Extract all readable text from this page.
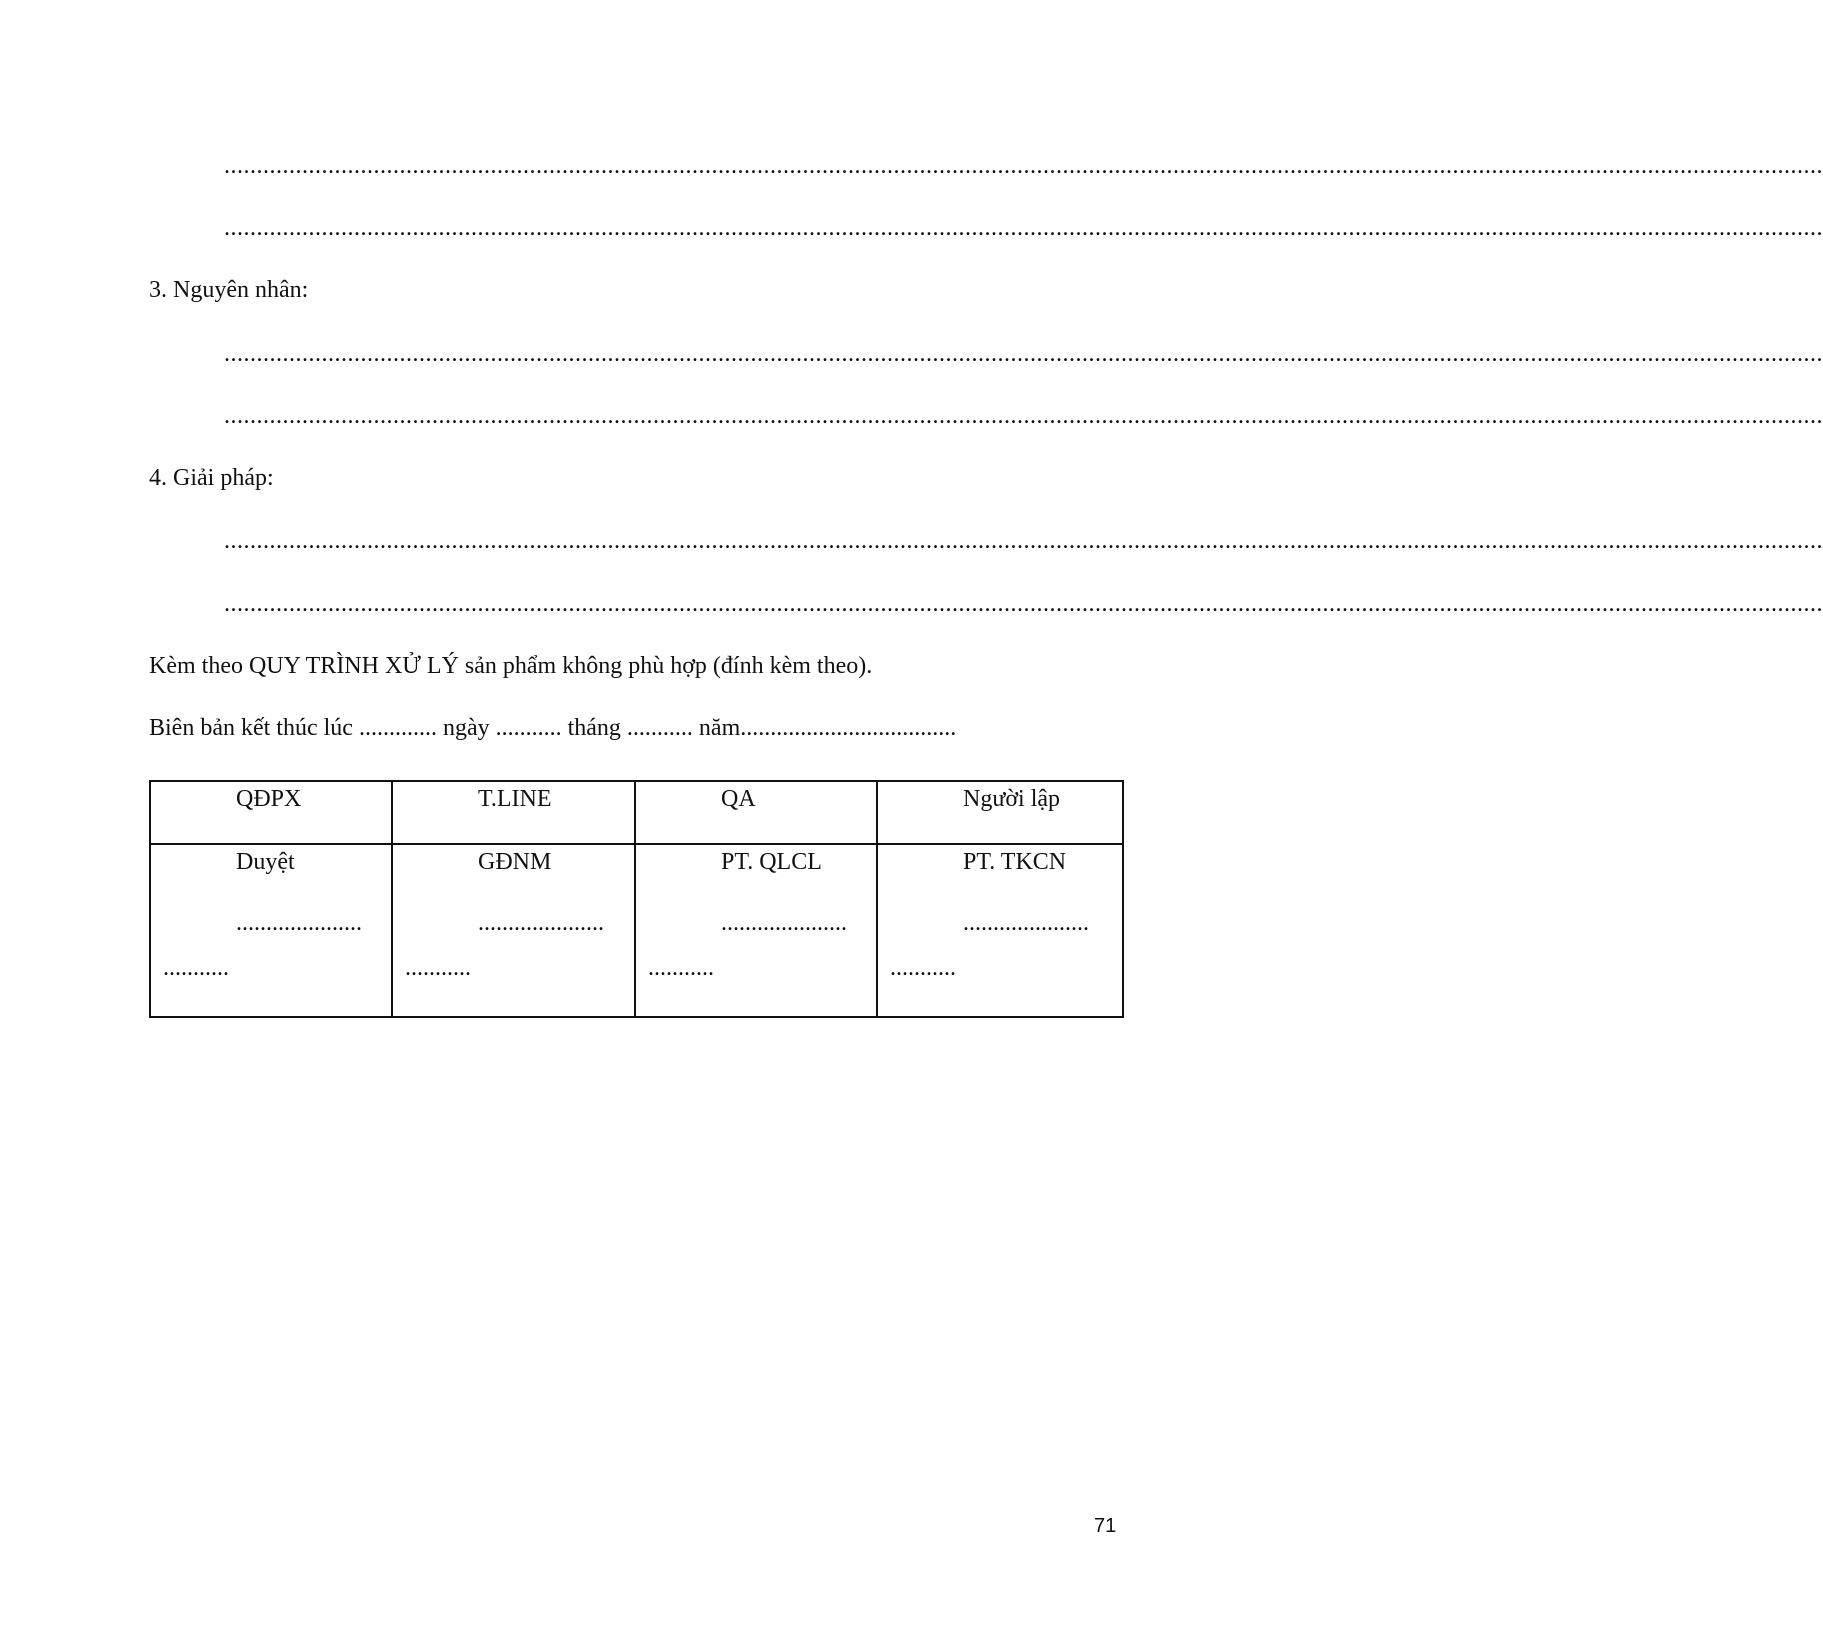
......................................................................................................................................................................................................................................................
......................................................................................................................................................................................................................................................
3. Nguyên nhân:
......................................................................................................................................................................................................................................................
......................................................................................................................................................................................................................................................
4. Giải pháp:
......................................................................................................................................................................................................................................................
......................................................................................................................................................................................................................................................
Kèm theo QUY TRÌNH XỬ LÝ sản phẩm không phù hợp (đính kèm theo).
Biên bản kết thúc lúc ............. ngày ........... tháng ........... năm....................................
QĐPX	T.LINE	QA	Người lập

Duyệt
.....................
...........	GĐNM
.....................
...........	PT. QLCL
.....................
...........	PT. TKCN
.....................
...........
71
